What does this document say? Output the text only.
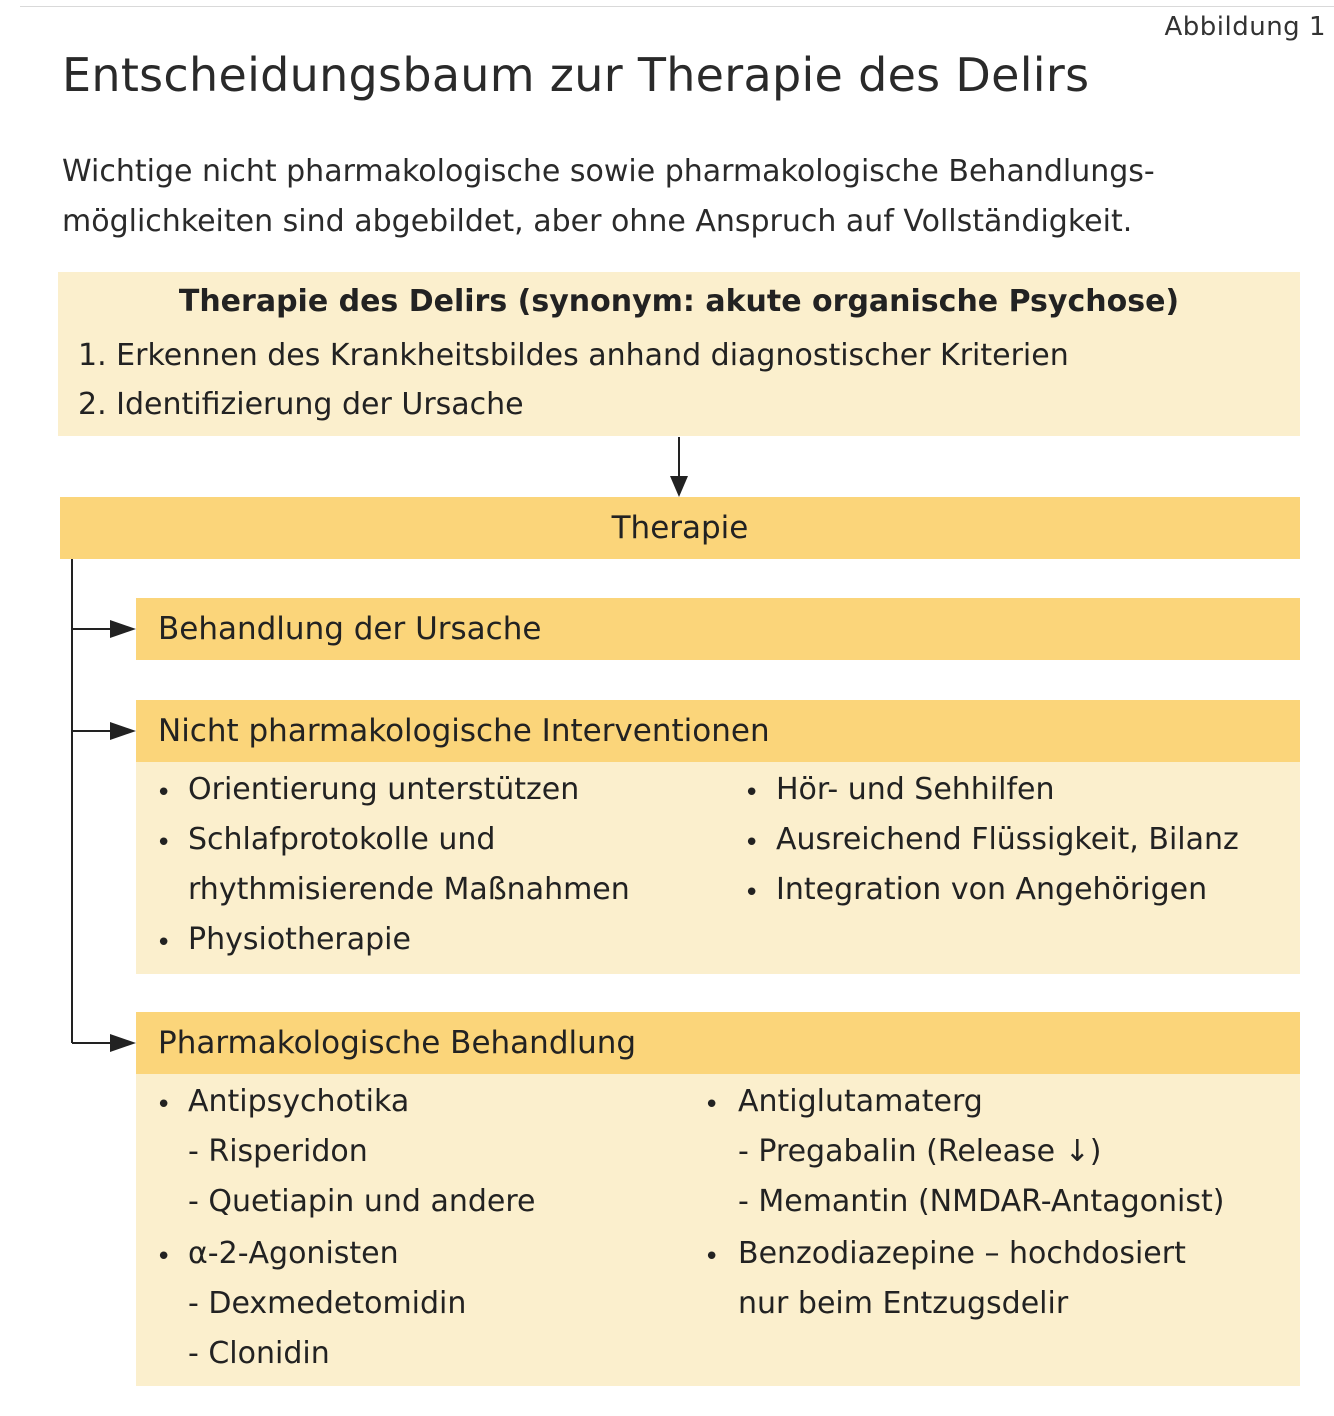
Abbildung 1
Entscheidungsbaum zur Therapie des Delirs
Wichtige nicht pharmakologische sowie pharmakologische Behandlungs-
möglichkeiten sind abgebildet, aber ohne Anspruch auf Vollständigkeit.
Therapie des Delirs (synonym: akute organische Psychose)
1. Erkennen des Krankheitsbildes anhand diagnostischer Kriterien
2. Identifizierung der Ursache
Therapie
Behandlung der Ursache
Nicht pharmakologische Interventionen
• Orientierung unterstützen
• Schlafprotokolle und
rhythmisierende Maßnahmen
• Physiotherapie
• Hör- und Sehhilfen
• Ausreichend Flüssigkeit, Bilanz
• Integration von Angehörigen
Pharmakologische Behandlung
• Antipsychotika
- Risperidon
- Quetiapin und andere
• α-2-Agonisten
- Dexmedetomidin
- Clonidin
• Antiglutamaterg
- Pregabalin (Release ↓)
- Memantin (NMDAR-Antagonist)
• Benzodiazepine – hochdosiert
nur beim Entzugsdelir
